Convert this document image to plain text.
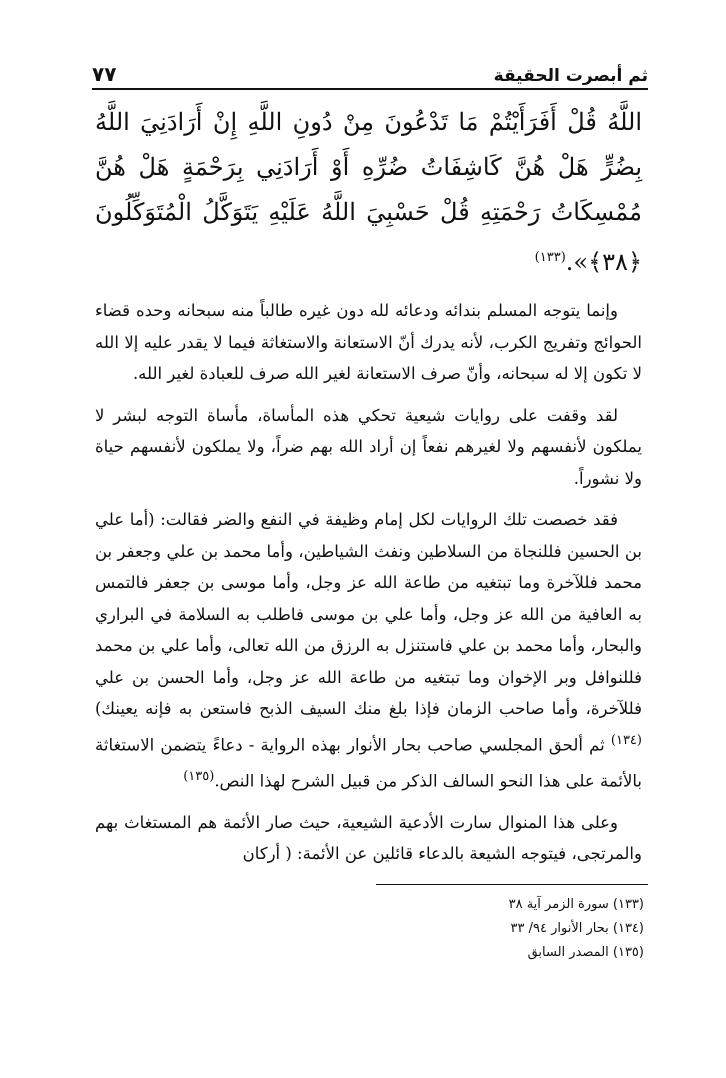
ثم أبصرت الحقيقة
٧٧

اللَّهُ قُلْ أَفَرَأَيْتُمْ مَا تَدْعُونَ مِنْ دُونِ اللَّهِ إِنْ أَرَادَنِيَ اللَّهُ بِضُرٍّ هَلْ هُنَّ كَاشِفَاتُ ضُرِّهِ أَوْ أَرَادَنِي بِرَحْمَةٍ هَلْ هُنَّ مُمْسِكَاتُ رَحْمَتِهِ قُلْ حَسْبِيَ اللَّهُ عَلَيْهِ يَتَوَكَّلُ الْمُتَوَكِّلُونَ ﴿٣٨﴾».$^{(١٣٣)}$

وإنما يتوجه المسلم بندائه ودعائه لله دون غيره طالباً منه سبحانه وحده قضاء الحوائج وتفريج الكرب، لأنه يدرك أنّ الاستعانة والاستغاثة فيما لا يقدر عليه إلا الله لا تكون إلا له سبحانه، وأنّ صرف الاستعانة لغير الله صرف للعبادة لغير الله.

لقد وقفت على روايات شيعية تحكي هذه المأساة، مأساة التوجه لبشر لا يملكون لأنفسهم ولا لغيرهم نفعاً إن أراد الله بهم ضراً، ولا يملكون لأنفسهم حياة ولا نشوراً.

فقد خصصت تلك الروايات لكل إمام وظيفة في النفع والضر فقالت: (أما علي بن الحسين فللنجاة من السلاطين ونفث الشياطين، وأما محمد بن علي وجعفر بن محمد فللآخرة وما تبتغيه من طاعة الله عز وجل، وأما موسى بن جعفر فالتمس به العافية من الله عز وجل، وأما علي بن موسى فاطلب به السلامة في البراري والبحار، وأما محمد بن علي فاستنزل به الرزق من الله تعالى، وأما علي بن محمد فللنوافل وبر الإخوان وما تبتغيه من طاعة الله عز وجل، وأما الحسن بن علي فللآخرة، وأما صاحب الزمان فإذا بلغ منك السيف الذبح فاستعن به فإنه يعينك)$^{(١٣٤)}$ ثم ألحق المجلسي صاحب بحار الأنوار بهذه الرواية - دعاءً يتضمن الاستغاثة بالأئمة على هذا النحو السالف الذكر من قبيل الشرح لهذا النص.$^{(١٣٥)}$

وعلى هذا المنوال سارت الأدعية الشيعية، حيث صار الأئمة هم المستغاث بهم والمرتجى، فيتوجه الشيعة بالدعاء قائلين عن الأئمة: ( أركان

(١٣٣) سورة الزمر آية ٣٨
(١٣٤) بحار الأنوار ٩٤/ ٣٣
(١٣٥) المصدر السابق
